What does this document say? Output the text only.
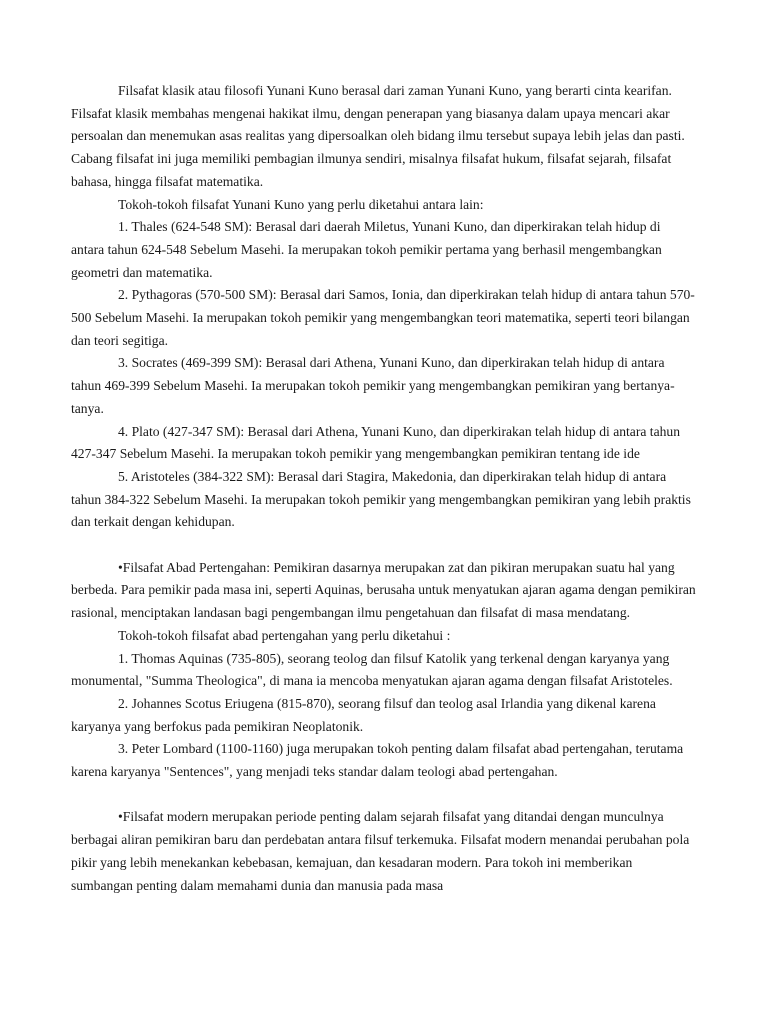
Filsafat klasik atau filosofi Yunani Kuno berasal dari zaman Yunani Kuno, yang berarti cinta kearifan. Filsafat klasik membahas mengenai hakikat ilmu, dengan penerapan yang biasanya dalam upaya mencari akar persoalan dan menemukan asas realitas yang dipersoalkan oleh bidang ilmu tersebut supaya lebih jelas dan pasti. Cabang filsafat ini juga memiliki pembagian ilmunya sendiri, misalnya filsafat hukum, filsafat sejarah, filsafat bahasa, hingga filsafat matematika.

Tokoh-tokoh filsafat Yunani Kuno yang perlu diketahui antara lain:

1. Thales (624-548 SM): Berasal dari daerah Miletus, Yunani Kuno, dan diperkirakan telah hidup di antara tahun 624-548 Sebelum Masehi. Ia merupakan tokoh pemikir pertama yang berhasil mengembangkan geometri dan matematika.

2. Pythagoras (570-500 SM): Berasal dari Samos, Ionia, dan diperkirakan telah hidup di antara tahun 570-500 Sebelum Masehi. Ia merupakan tokoh pemikir yang mengembangkan teori matematika, seperti teori bilangan dan teori segitiga.

3. Socrates (469-399 SM): Berasal dari Athena, Yunani Kuno, dan diperkirakan telah hidup di antara tahun 469-399 Sebelum Masehi. Ia merupakan tokoh pemikir yang mengembangkan pemikiran yang bertanya-tanya.

4. Plato (427-347 SM): Berasal dari Athena, Yunani Kuno, dan diperkirakan telah hidup di antara tahun 427-347 Sebelum Masehi. Ia merupakan tokoh pemikir yang mengembangkan pemikiran tentang ide ide

5. Aristoteles (384-322 SM): Berasal dari Stagira, Makedonia, dan diperkirakan telah hidup di antara tahun 384-322 Sebelum Masehi. Ia merupakan tokoh pemikir yang mengembangkan pemikiran yang lebih praktis dan terkait dengan kehidupan.

•Filsafat Abad Pertengahan: Pemikiran dasarnya merupakan zat dan pikiran merupakan suatu hal yang berbeda. Para pemikir pada masa ini, seperti Aquinas, berusaha untuk menyatukan ajaran agama dengan pemikiran rasional, menciptakan landasan bagi pengembangan ilmu pengetahuan dan filsafat di masa mendatang.

Tokoh-tokoh filsafat abad pertengahan yang perlu diketahui :

1. Thomas Aquinas (735-805), seorang teolog dan filsuf Katolik yang terkenal dengan karyanya yang monumental, "Summa Theologica", di mana ia mencoba menyatukan ajaran agama dengan filsafat Aristoteles.

2. Johannes Scotus Eriugena (815-870), seorang filsuf dan teolog asal Irlandia yang dikenal karena karyanya yang berfokus pada pemikiran Neoplatonik.

3. Peter Lombard (1100-1160) juga merupakan tokoh penting dalam filsafat abad pertengahan, terutama karena karyanya "Sentences", yang menjadi teks standar dalam teologi abad pertengahan.

•Filsafat modern merupakan periode penting dalam sejarah filsafat yang ditandai dengan munculnya berbagai aliran pemikiran baru dan perdebatan antara filsuf terkemuka. Filsafat modern menandai perubahan pola pikir yang lebih menekankan kebebasan, kemajuan, dan kesadaran modern. Para tokoh ini memberikan sumbangan penting dalam memahami dunia dan manusia pada masa
